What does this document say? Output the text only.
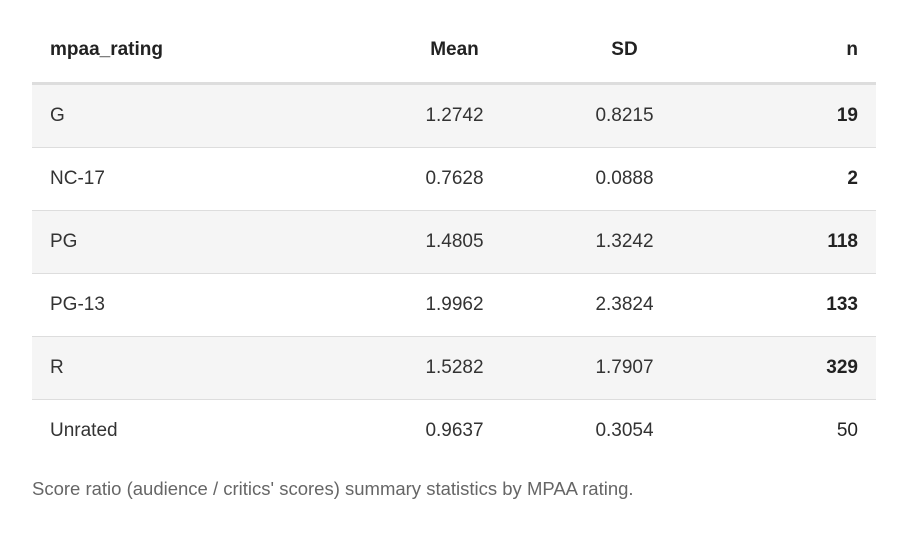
mpaa_rating	Mean	SD	n
G	1.2742	0.8215	19
NC-17	0.7628	0.0888	2
PG	1.4805	1.3242	118
PG-13	1.9962	2.3824	133
R	1.5282	1.7907	329
Unrated	0.9637	0.3054	50
Score ratio (audience / critics' scores) summary statistics by MPAA rating.
